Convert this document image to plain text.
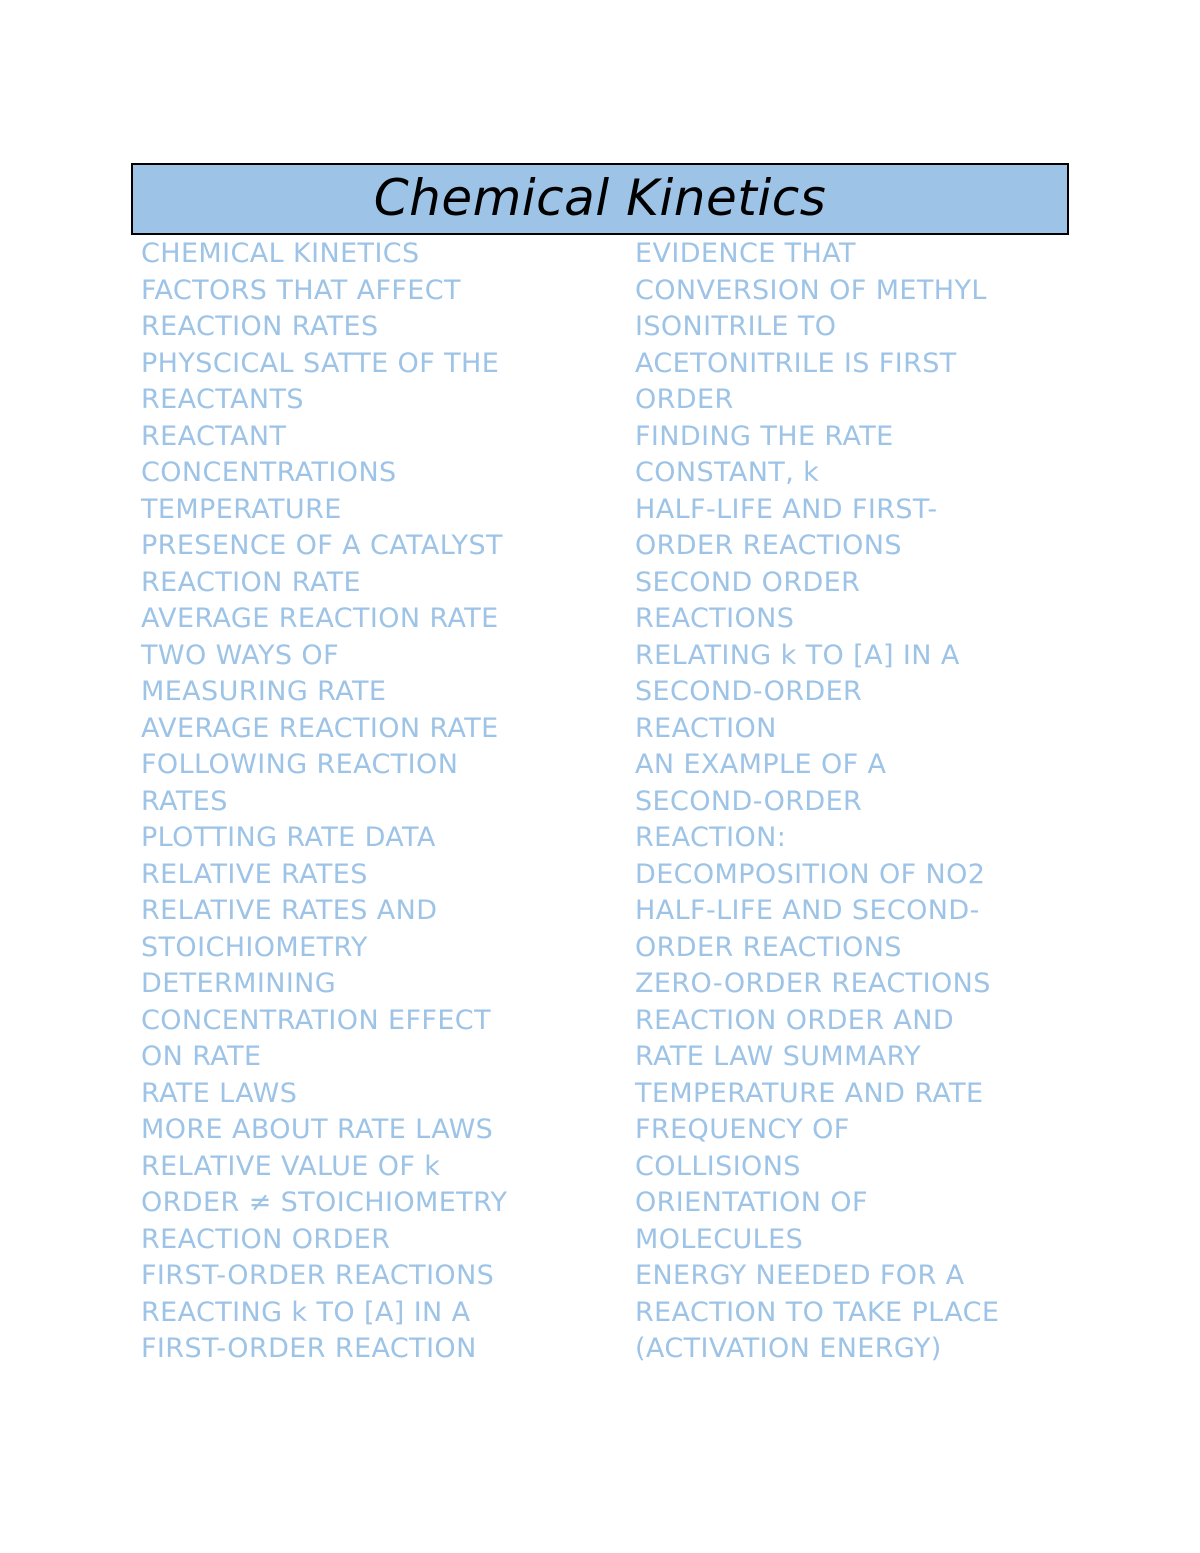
Chemical Kinetics
CHEMICAL KINETICS
FACTORS THAT AFFECT
REACTION RATES
PHYSCICAL SATTE OF THE
REACTANTS
REACTANT
CONCENTRATIONS
TEMPERATURE
PRESENCE OF A CATALYST
REACTION RATE
AVERAGE REACTION RATE
TWO WAYS OF
MEASURING RATE
AVERAGE REACTION RATE
FOLLOWING REACTION
RATES
PLOTTING RATE DATA
RELATIVE RATES
RELATIVE RATES AND
STOICHIOMETRY
DETERMINING
CONCENTRATION EFFECT
ON RATE
RATE LAWS
MORE ABOUT RATE LAWS
RELATIVE VALUE OF k
ORDER ≠ STOICHIOMETRY
REACTION ORDER
FIRST-ORDER REACTIONS
REACTING k TO [A] IN A
FIRST-ORDER REACTION
EVIDENCE THAT
CONVERSION OF METHYL
ISONITRILE TO
ACETONITRILE IS FIRST
ORDER
FINDING THE RATE
CONSTANT, k
HALF-LIFE AND FIRST-
ORDER REACTIONS
SECOND ORDER
REACTIONS
RELATING k TO [A] IN A
SECOND-ORDER
REACTION
AN EXAMPLE OF A
SECOND-ORDER
REACTION:
DECOMPOSITION OF NO2
HALF-LIFE AND SECOND-
ORDER REACTIONS
ZERO-ORDER REACTIONS
REACTION ORDER AND
RATE LAW SUMMARY
TEMPERATURE AND RATE
FREQUENCY OF
COLLISIONS
ORIENTATION OF
MOLECULES
ENERGY NEEDED FOR A
REACTION TO TAKE PLACE
(ACTIVATION ENERGY)
